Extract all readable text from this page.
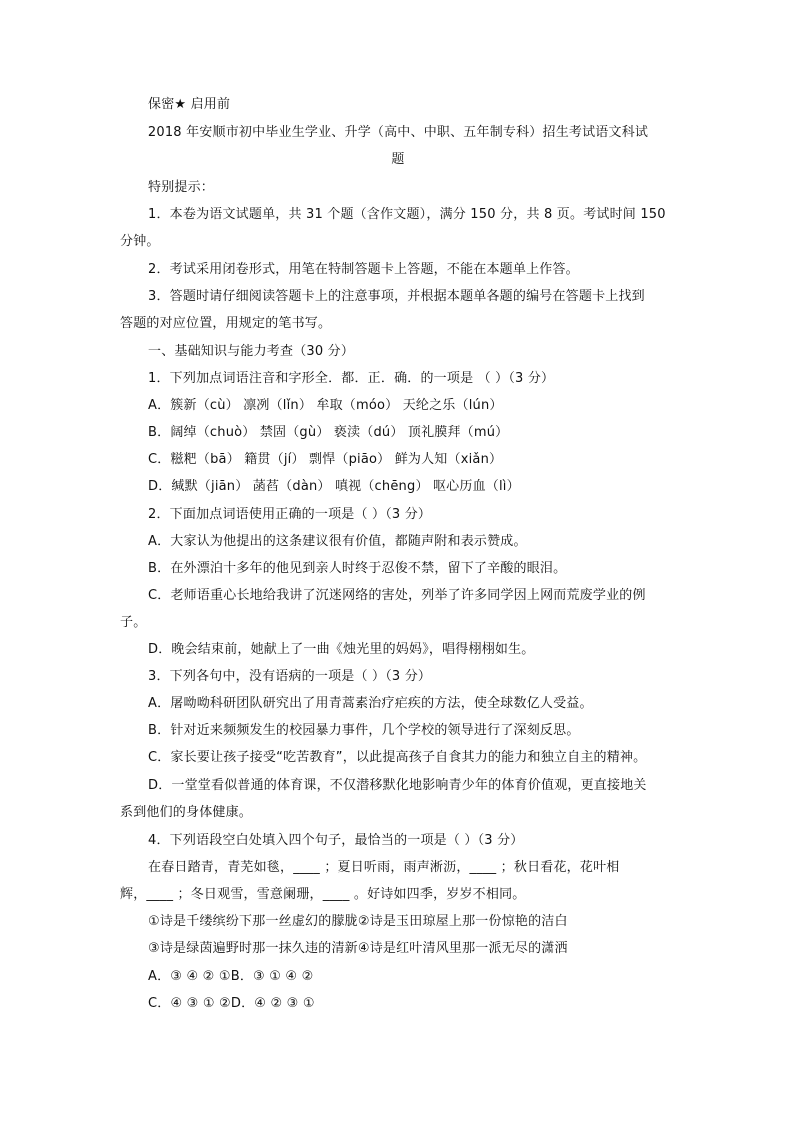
保密★ 启用前
2018 年安顺市初中毕业生学业、升学（高中、中职、五年制专科）招生考试语文科试
题
特别提示：
1．本卷为语文试题单，共 31 个题（含作文题），满分 150 分，共 8 页。考试时间 150
分钟。
2．考试采用闭卷形式，用笔在特制答题卡上答题，不能在本题单上作答。
3．答题时请仔细阅读答题卡上的注意事项，并根据本题单各题的编号在答题卡上找到
答题的对应位置，用规定的笔书写。
一、基础知识与能力考查（30 分）
1．下列加点词语注音和字形全．都．正．确．的一项是 （ ）（3 分）
A．簇新（cù） 凛冽（lǐn） 牟取（móo） 天纶之乐（lún）
B．阔绰（chuò） 禁固（gù） 亵渎（dú） 顶礼膜拜（mú）
C．糍粑（bā） 籍贯（jí） 剽悍（piāo） 鲜为人知（xiǎn）
D．缄默（jiān） 菡萏（dàn） 嗔视（chēng） 呕心历血（lì）
2．下面加点词语使用正确的一项是（ ）（3 分）
A．大家认为他提出的这条建议很有价值，都随声附和表示赞成。
B．在外漂泊十多年的他见到亲人时终于忍俊不禁，留下了辛酸的眼泪。
C．老师语重心长地给我讲了沉迷网络的害处，列举了许多同学因上网而荒废学业的例
子。
D．晚会结束前，她献上了一曲《烛光里的妈妈》，唱得栩栩如生。
3．下列各句中，没有语病的一项是（ ）（3 分）
A．屠呦呦科研团队研究出了用青蒿素治疗疟疾的方法，使全球数亿人受益。
B．针对近来频频发生的校园暴力事件，几个学校的领导进行了深刻反思。
C．家长要让孩子接受“吃苦教育”，以此提高孩子自食其力的能力和独立自主的精神。
D．一堂堂看似普通的体育课，不仅潜移默化地影响青少年的体育价值观，更直接地关
系到他们的身体健康。
4．下列语段空白处填入四个句子，最恰当的一项是（ ）（3 分）
在春日踏青，青芜如毯，____ ；夏日听雨，雨声淅沥，____ ；秋日看花，花叶相
辉，____ ；冬日观雪，雪意阑珊，____ 。好诗如四季，岁岁不相同。
①诗是千缕缤纷下那一丝虚幻的朦胧②诗是玉田琼屋上那一份惊艳的洁白
③诗是绿茵遍野时那一抹久违的清新④诗是红叶清风里那一派无尽的潇洒
A．③ ④ ② ①B．③ ① ④ ②
C．④ ③ ① ②D．④ ② ③ ①
